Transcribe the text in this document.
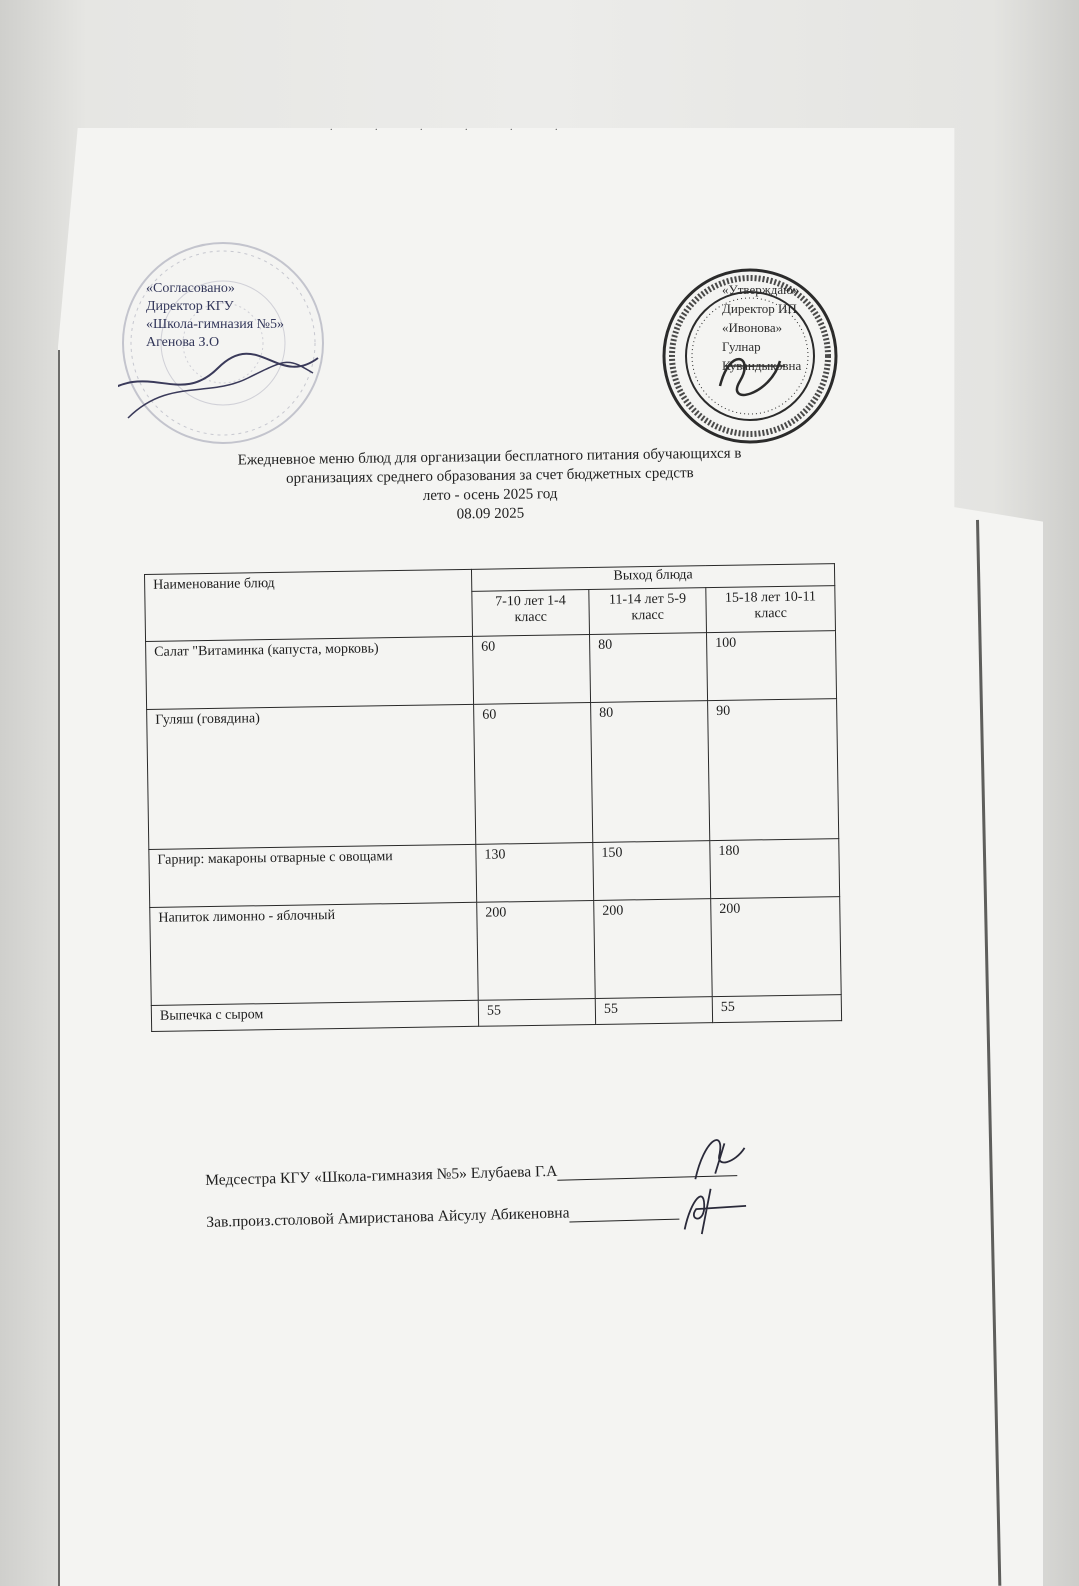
. . . . . .
«Согласовано»
Директор КГУ
«Школа-гимназия №5»
Агенова З.О
«Утверждаю»
Директор ИП
«Ивонова»
Гулнар
Кувандыковна
Ежедневное меню блюд для организации бесплатного питания обучающихся в
организациях среднего образования за счет бюджетных средств
лето - осень 2025 год
08.09 2025
Наименование блюд	Выход блюда		
	7-10 лет 1-4 класс	11-14 лет 5-9 класс	15-18 лет 10-11 класс
Салат "Витаминка (капуста, морковь)	60	80	100
Гуляш (говядина)	60	80	90
Гарнир: макароны отварные с овощами	130	150	180
Напиток лимонно - яблочный	200	200	200
Выпечка с сыром	55	55	55
Медсестра КГУ «Школа-гимназия №5» Елубаева Г.А
Зав.произ.столовой Амиристанова Айсулу Абикеновна
